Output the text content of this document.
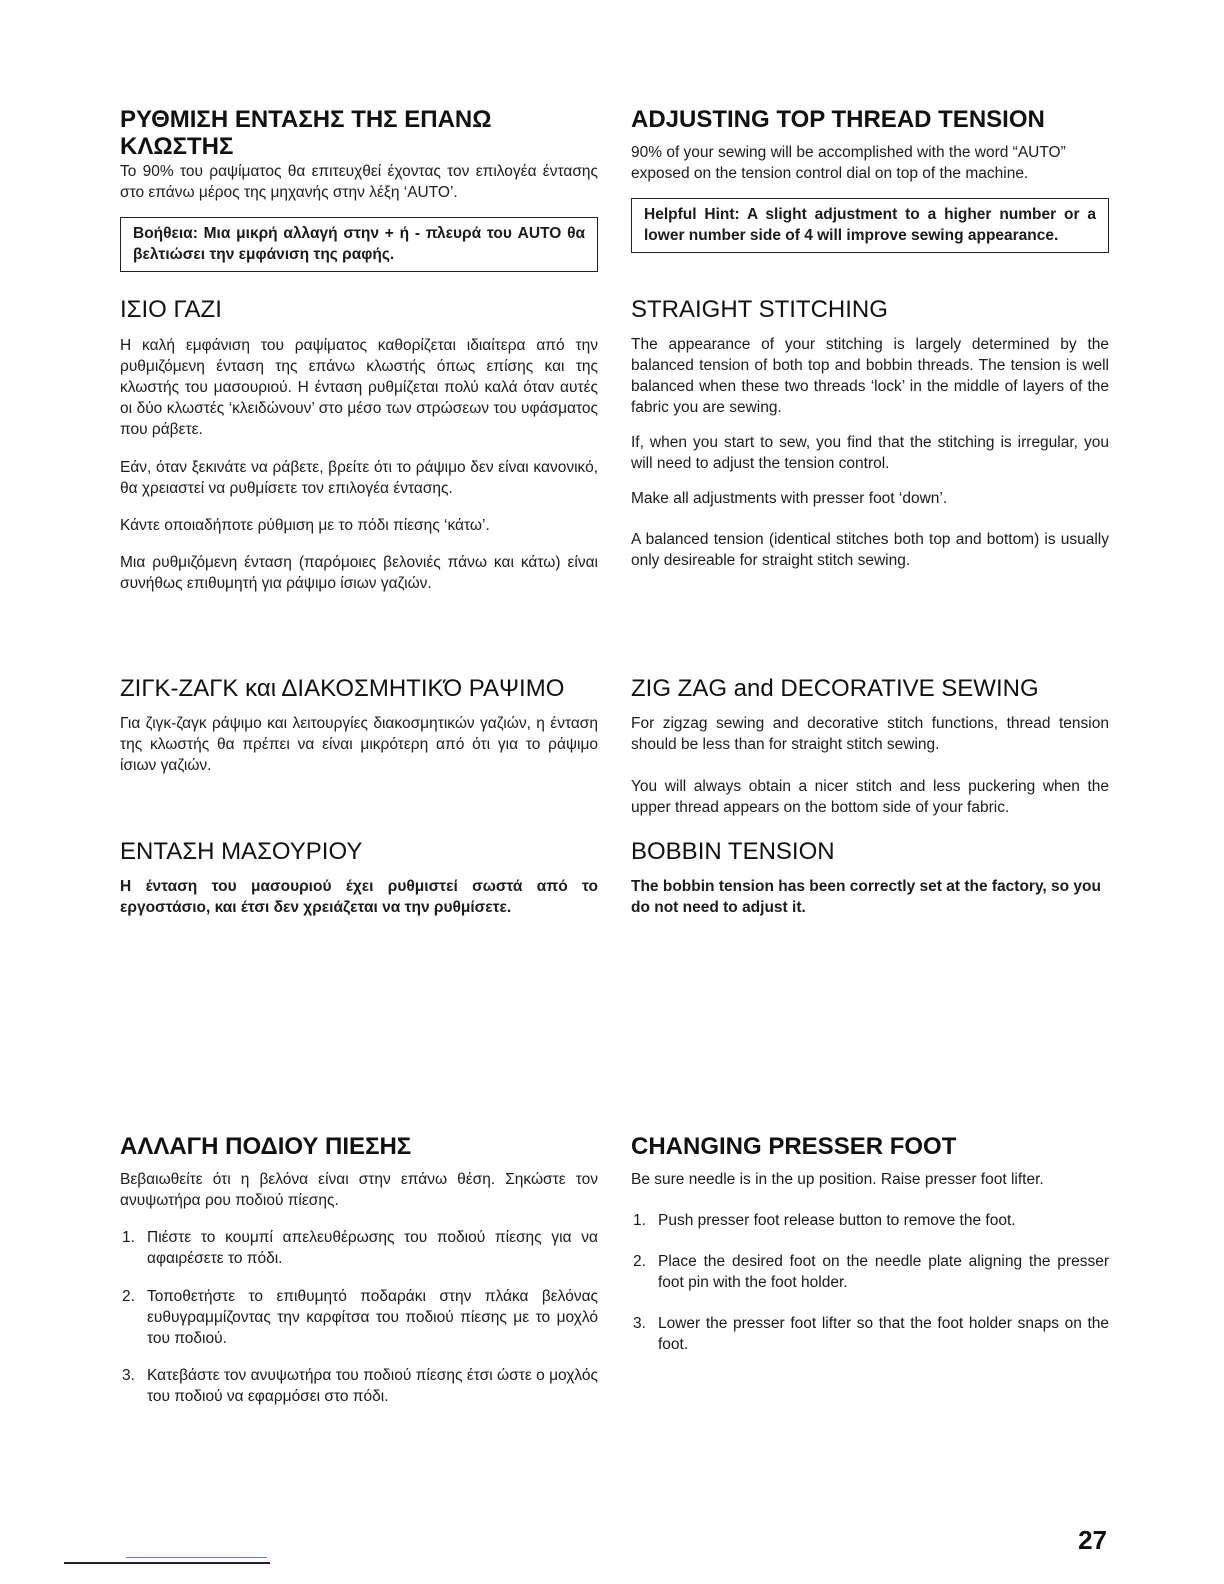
ΡΥΘΜΙΣΗ ΕΝΤΑΣΗΣ ΤΗΣ ΕΠΑΝΩ ΚΛΩΣΤΗΣ

Το 90% του ραψίματος θα επιτευχθεί έχοντας τον επιλογέα έντασης στο επάνω μέρος της μηχανής στην λέξη ‘AUTO’.

Βοήθεια: Μια μικρή αλλαγή στην + ή - πλευρά του AUTO θα βελτιώσει την εμφάνιση της ραφής.
ADJUSTING TOP THREAD TENSION

90% of your sewing will be accomplished with the word “AUTO” exposed on the tension control dial on top of the machine.

Helpful Hint: A slight adjustment to a higher number or a lower number side of 4 will improve sewing appearance.
ΙΣΙΟ ΓΑΖΙ

Η καλή εμφάνιση του ραψίματος καθορίζεται ιδιαίτερα από την ρυθμιζόμενη ένταση της επάνω κλωστής όπως επίσης και της κλωστής του μασουριού. Η ένταση ρυθμίζεται πολύ καλά όταν αυτές οι δύο κλωστές ‘κλειδώνουν’ στο μέσο των στρώσεων του υφάσματος που ράβετε.

Εάν, όταν ξεκινάτε να ράβετε, βρείτε ότι το ράψιμο δεν είναι κανονικό, θα χρειαστεί να ρυθμίσετε τον επιλογέα έντασης.

Κάντε οποιαδήποτε ρύθμιση με το πόδι πίεσης ‘κάτω’.

Μια ρυθμιζόμενη ένταση (παρόμοιες βελονιές πάνω και κάτω) είναι συνήθως επιθυμητή για ράψιμο ίσιων γαζιών.

STRAIGHT STITCHING

The appearance of your stitching is largely determined by the balanced tension of both top and bobbin threads. The tension is well balanced when these two threads ‘lock’ in the middle of layers of the fabric you are sewing.

If, when you start to sew, you find that the stitching is irregular, you will need to adjust the tension control.

Make all adjustments with presser foot ‘down’.

A balanced tension (identical stitches both top and bottom) is usually only desireable for straight stitch sewing.

ΖΙΓΚ-ΖΑΓΚ και ΔΙΑΚΟΣΜΗΤΙΚΌ ΡΑΨΙΜΟ

Για ζιγκ-ζαγκ ράψιμο και λειτουργίες διακοσμητικών γαζιών, η ένταση της κλωστής θα πρέπει να είναι μικρότερη από ότι για το ράψιμο ίσιων γαζιών.

ZIG ZAG and DECORATIVE SEWING

For zigzag sewing and decorative stitch functions, thread tension should be less than for straight stitch sewing.

You will always obtain a nicer stitch and less puckering when the upper thread appears on the bottom side of your fabric.

ΕΝΤΑΣΗ ΜΑΣΟΥΡΙΟΥ

Η ένταση του μασουριού έχει ρυθμιστεί σωστά από το εργοστάσιο, και έτσι δεν χρειάζεται να την ρυθμίσετε.

BOBBIN TENSION

The bobbin tension has been correctly set at the factory, so you do not need to adjust it.

ΑΛΛΑΓΗ ΠΟΔΙΟΥ ΠΙΕΣΗΣ

Βεβαιωθείτε ότι η βελόνα είναι στην επάνω θέση. Σηκώστε τον ανυψωτήρα ρου ποδιού πίεσης.

1. Πιέστε το κουμπί απελευθέρωσης του ποδιού πίεσης για να αφαιρέσετε το πόδι.
2. Τοποθετήστε το επιθυμητό ποδαράκι στην πλάκα βελόνας ευθυγραμμίζοντας την καρφίτσα του ποδιού πίεσης με το μοχλό του ποδιού.
3. Κατεβάστε τον ανυψωτήρα του ποδιού πίεσης έτσι ώστε ο μοχλός του ποδιού να εφαρμόσει στο πόδι.
CHANGING PRESSER FOOT

Be sure needle is in the up position. Raise presser foot lifter.

1. Push presser foot release button to remove the foot.
2. Place the desired foot on the needle plate aligning the presser foot pin with the foot holder.
3. Lower the presser foot lifter so that the foot holder snaps on the foot.
27
